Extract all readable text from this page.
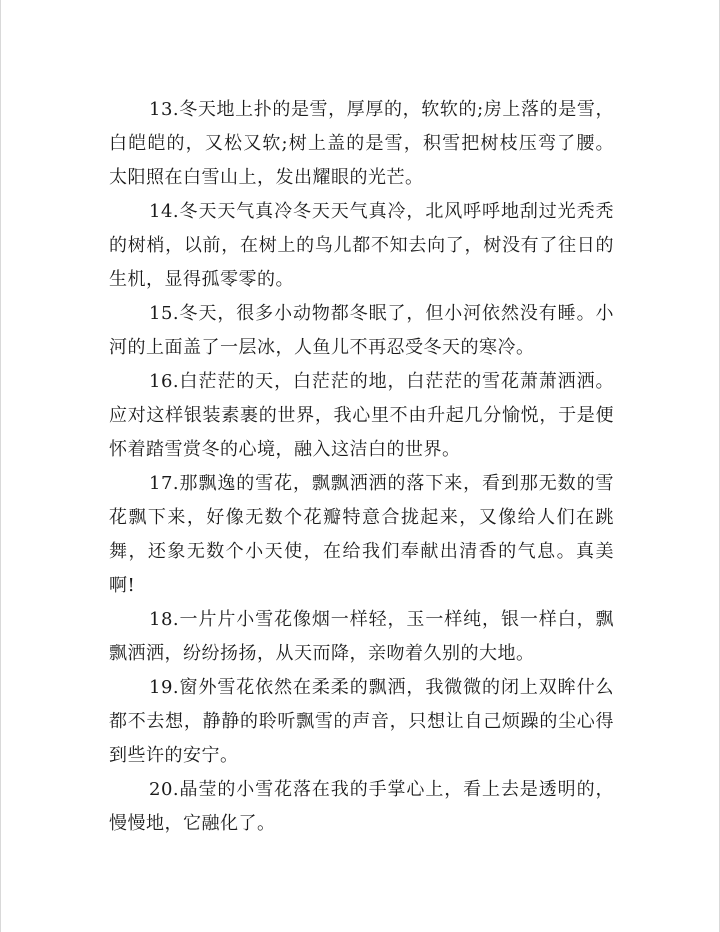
13.冬天地上扑的是雪，厚厚的，软软的;房上落的是雪，白皑皑的，又松又软;树上盖的是雪，积雪把树枝压弯了腰。太阳照在白雪山上，发出耀眼的光芒。

14.冬天天气真冷冬天天气真冷，北风呼呼地刮过光秃秃的树梢，以前，在树上的鸟儿都不知去向了，树没有了往日的生机，显得孤零零的。

15.冬天，很多小动物都冬眠了，但小河依然没有睡。小河的上面盖了一层冰，人鱼儿不再忍受冬天的寒冷。

16.白茫茫的天，白茫茫的地，白茫茫的雪花萧萧洒洒。应对这样银装素裹的世界，我心里不由升起几分愉悦，于是便怀着踏雪赏冬的心境，融入这洁白的世界。

17.那飘逸的雪花，飘飘洒洒的落下来，看到那无数的雪花飘下来，好像无数个花瓣特意合拢起来，又像给人们在跳舞，还象无数个小天使，在给我们奉献出清香的气息。真美啊!

18.一片片小雪花像烟一样轻，玉一样纯，银一样白，飘飘洒洒，纷纷扬扬，从天而降，亲吻着久别的大地。

19.窗外雪花依然在柔柔的飘洒，我微微的闭上双眸什么都不去想，静静的聆听飘雪的声音，只想让自己烦躁的尘心得到些许的安宁。

20.晶莹的小雪花落在我的手掌心上，看上去是透明的，慢慢地，它融化了。
